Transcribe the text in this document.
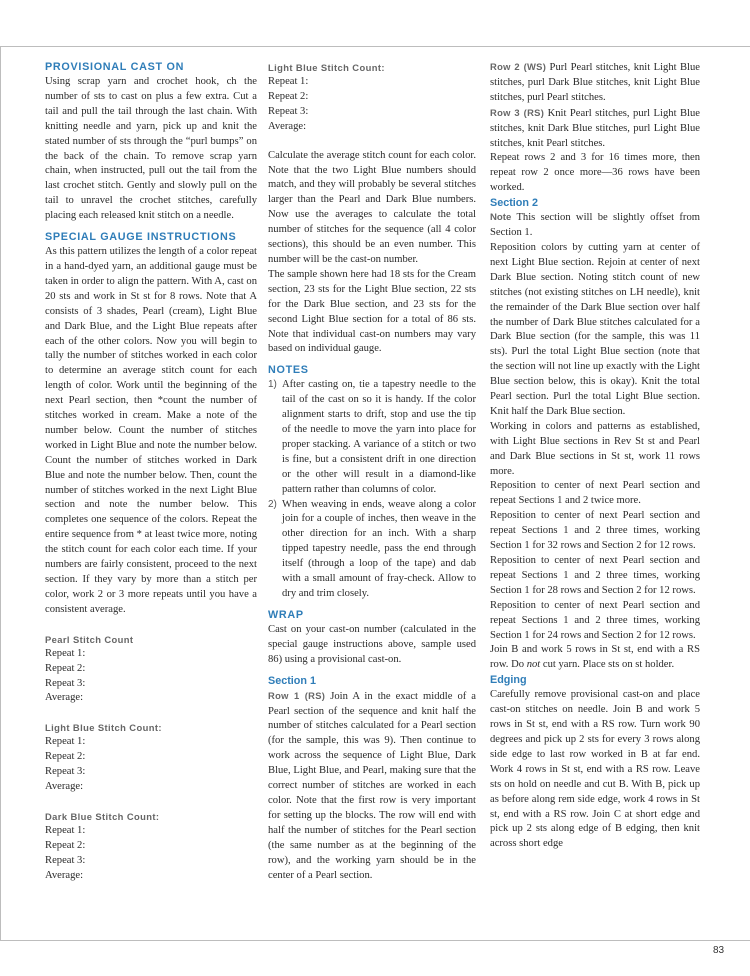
PROVISIONAL CAST ON

Using scrap yarn and crochet hook, ch the number of sts to cast on plus a few extra. Cut a tail and pull the tail through the last chain. With knitting needle and yarn, pick up and knit the stated number of sts through the “purl bumps” on the back of the chain. To remove scrap yarn chain, when instructed, pull out the tail from the last crochet stitch. Gently and slowly pull on the tail to unravel the crochet stitches, carefully placing each released knit stitch on a needle.

SPECIAL GAUGE INSTRUCTIONS

As this pattern utilizes the length of a color repeat in a hand-dyed yarn, an additional gauge must be taken in order to align the pattern. With A, cast on 20 sts and work in St st for 8 rows. Note that A consists of 3 shades, Pearl (cream), Light Blue and Dark Blue, and the Light Blue repeats after each of the other colors. Now you will begin to tally the number of stitches worked in each color to determine an average stitch count for each length of color. Work until the beginning of the next Pearl section, then *count the number of stitches worked in cream. Make a note of the number below. Count the number of stitches worked in Light Blue and note the number below. Count the number of stitches worked in Dark Blue and note the number below. Then, count the number of stitches worked in the next Light Blue section and note the number below. This completes one sequence of the colors. Repeat the entire sequence from * at least twice more, noting the stitch count for each color each time. If your numbers are fairly consistent, proceed to the next section. If they vary by more than a stitch per color, work 2 or 3 more repeats until you have a consistent average.

Pearl Stitch Count

Repeat 1:

Repeat 2:

Repeat 3:

Average:

Light Blue Stitch Count:

Repeat 1:

Repeat 2:

Repeat 3:

Average:

Dark Blue Stitch Count:

Repeat 1:

Repeat 2:

Repeat 3:

Average:

Light Blue Stitch Count:

Repeat 1:

Repeat 2:

Repeat 3:

Average:

Calculate the average stitch count for each color. Note that the two Light Blue numbers should match, and they will probably be several stitches larger than the Pearl and Dark Blue numbers. Now use the averages to calculate the total number of stitches for the sequence (all 4 color sections), this should be an even number. This number will be the cast-on number.

The sample shown here had 18 sts for the Cream section, 23 sts for the Light Blue section, 22 sts for the Dark Blue section, and 23 sts for the second Light Blue section for a total of 86 sts. Note that individual cast-on numbers may vary based on individual gauge.

NOTES
1) After casting on, tie a tapestry needle to the tail of the cast on so it is handy. If the color alignment starts to drift, stop and use the tip of the needle to move the yarn into place for proper stacking. A variance of a stitch or two is fine, but a consistent drift in one direction or the other will result in a diamond-like pattern rather than columns of color.

2) When weaving in ends, weave along a color join for a couple of inches, then weave in the other direction for an inch. With a sharp tipped tapestry needle, pass the end through itself (through a loop of the tape) and dab with a small amount of fray-check. Allow to dry and trim closely.

WRAP

Cast on your cast-on number (calculated in the special gauge instructions above, sample used 86) using a provisional cast-on.

Section 1

Row 1 (RS) Join A in the exact middle of a Pearl section of the sequence and knit half the number of stitches calculated for a Pearl section (for the sample, this was 9). Then continue to work across the sequence of Light Blue, Dark Blue, Light Blue, and Pearl, making sure that the correct number of stitches are worked in each color. Note that the first row is very important for setting up the blocks. The row will end with half the number of stitches for the Pearl section (the same number as at the beginning of the row), and the working yarn should be in the center of a Pearl section.

Row 2 (WS) Purl Pearl stitches, knit Light Blue stitches, purl Dark Blue stitches, knit Light Blue stitches, purl Pearl stitches.

Row 3 (RS) Knit Pearl stitches, purl Light Blue stitches, knit Dark Blue stitches, purl Light Blue stitches, knit Pearl stitches.

Repeat rows 2 and 3 for 16 times more, then repeat row 2 once more—36 rows have been worked.

Section 2

Note This section will be slightly offset from Section 1.

Reposition colors by cutting yarn at center of next Light Blue section. Rejoin at center of next Dark Blue section. Noting stitch count of new stitches (not existing stitches on LH needle), knit the remainder of the Dark Blue section over half the number of Dark Blue stitches calculated for a Dark Blue section (for the sample, this was 11 sts). Purl the total Light Blue section (note that the section will not line up exactly with the Light Blue section below, this is okay). Knit the total Pearl section. Purl the total Light Blue section. Knit half the Dark Blue section.

Working in colors and patterns as established, with Light Blue sections in Rev St st and Pearl and Dark Blue sections in St st, work 11 rows more.

Reposition to center of next Pearl section and repeat Sections 1 and 2 twice more.

Reposition to center of next Pearl section and repeat Sections 1 and 2 three times, working Section 1 for 32 rows and Section 2 for 12 rows.

Reposition to center of next Pearl section and repeat Sections 1 and 2 three times, working Section 1 for 28 rows and Section 2 for 12 rows.

Reposition to center of next Pearl section and repeat Sections 1 and 2 three times, working Section 1 for 24 rows and Section 2 for 12 rows.

Join B and work 5 rows in St st, end with a RS row. Do not cut yarn. Place sts on st holder.

Edging

Carefully remove provisional cast-on and place cast-on stitches on needle. Join B and work 5 rows in St st, end with a RS row. Turn work 90 degrees and pick up 2 sts for every 3 rows along side edge to last row worked in B at far end. Work 4 rows in St st, end with a RS row. Leave sts on hold on needle and cut B. With B, pick up as before along rem side edge, work 4 rows in St st, end with a RS row. Join C at short edge and pick up 2 sts along edge of B edging, then knit across short edge

83
